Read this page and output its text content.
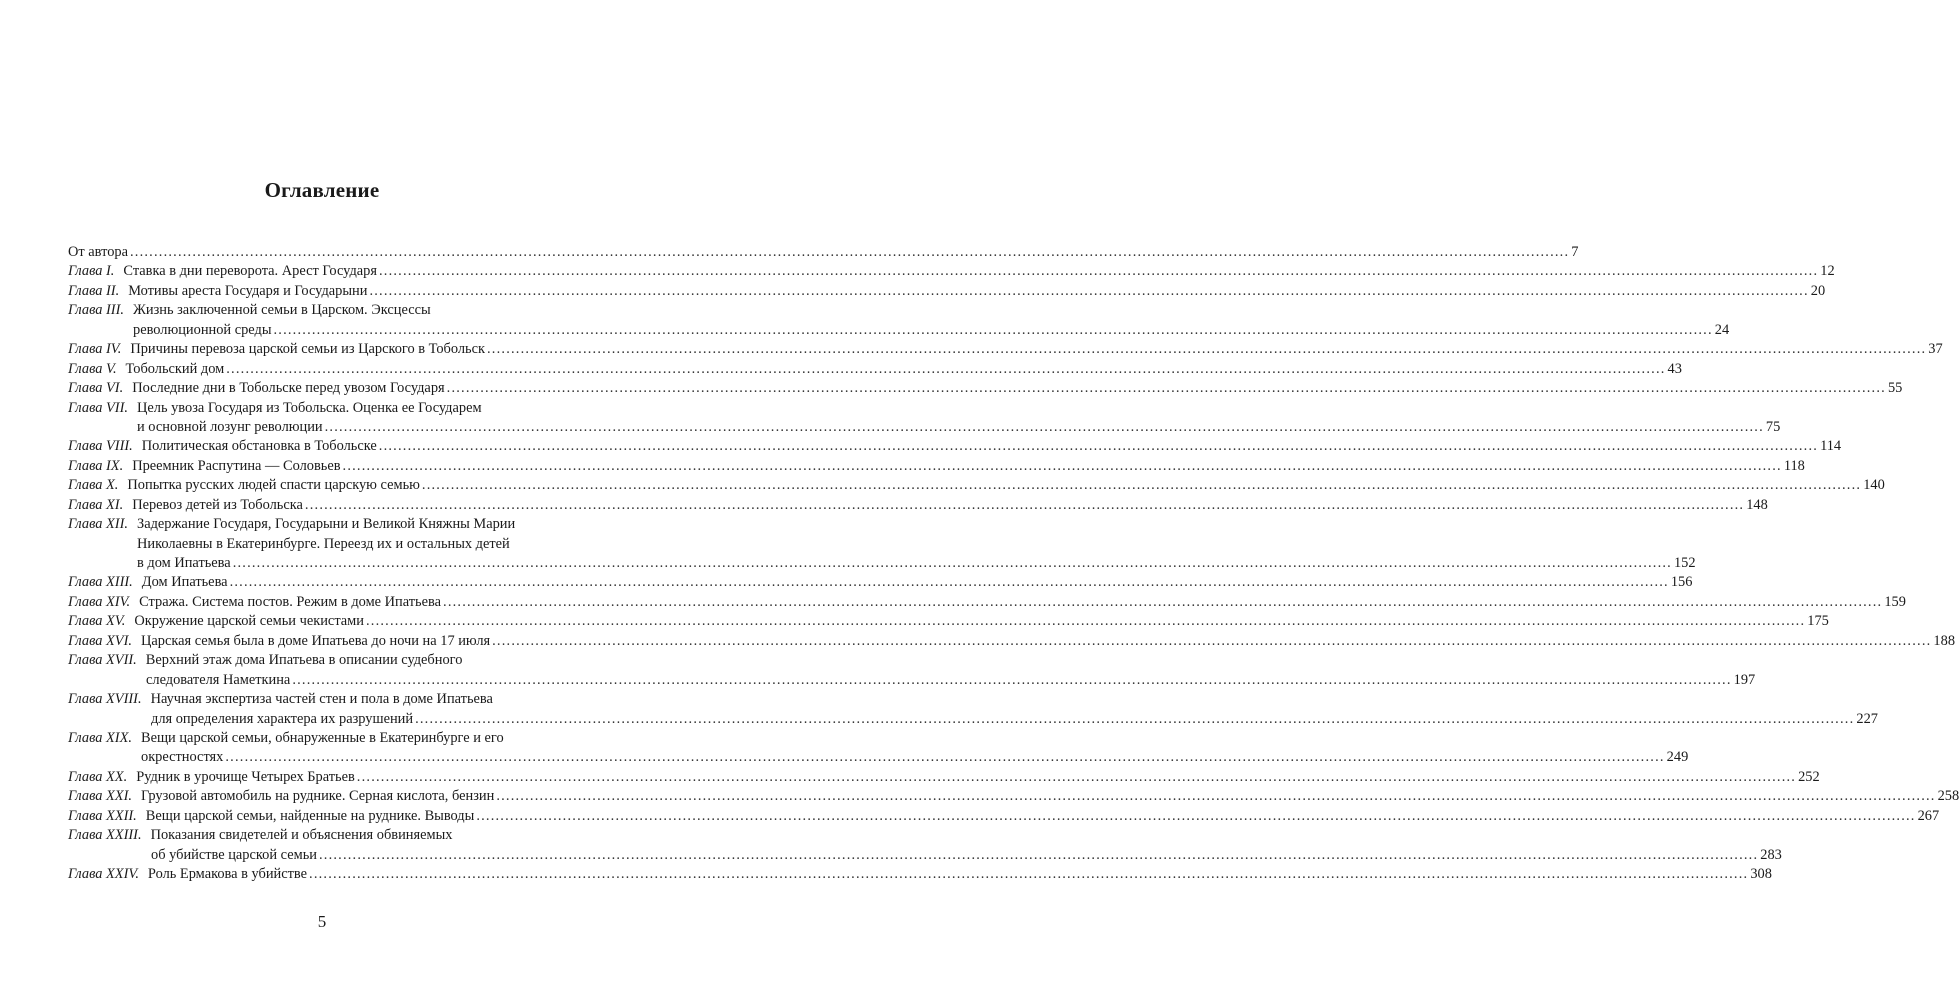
Оглавление
От автора ............................................................................................................................................................................................................................................................................................................ 7
Глава I. Ставка в дни переворота. Арест Государя ............................................................................................................................................................................................................................................................................................................ 12
Глава II. Мотивы ареста Государя и Государыни ............................................................................................................................................................................................................................................................................................................ 20
Глава III. Жизнь заключенной семьи в Царском. Эксцессы
революционной среды ............................................................................................................................................................................................................................................................................................................ 24
Глава IV. Причины перевоза царской семьи из Царского в Тобольск ............................................................................................................................................................................................................................................................................................................ 37
Глава V. Тобольский дом ............................................................................................................................................................................................................................................................................................................ 43
Глава VI. Последние дни в Тобольске перед увозом Государя ............................................................................................................................................................................................................................................................................................................ 55
Глава VII. Цель увоза Государя из Тобольска. Оценка ее Государем
и основной лозунг революции ............................................................................................................................................................................................................................................................................................................ 75
Глава VIII. Политическая обстановка в Тобольске ............................................................................................................................................................................................................................................................................................................ 114
Глава IX. Преемник Распутина — Соловьев ............................................................................................................................................................................................................................................................................................................ 118
Глава X. Попытка русских людей спасти царскую семью ............................................................................................................................................................................................................................................................................................................ 140
Глава XI. Перевоз детей из Тобольска ............................................................................................................................................................................................................................................................................................................ 148
Глава XII. Задержание Государя, Государыни и Великой Княжны Марии
Николаевны в Екатеринбурге. Переезд их и остальных детей
в дом Ипатьева ............................................................................................................................................................................................................................................................................................................ 152
Глава XIII. Дом Ипатьева ............................................................................................................................................................................................................................................................................................................ 156
Глава XIV. Стража. Система постов. Режим в доме Ипатьева ............................................................................................................................................................................................................................................................................................................ 159
Глава XV. Окружение царской семьи чекистами ............................................................................................................................................................................................................................................................................................................ 175
Глава XVI. Царская семья была в доме Ипатьева до ночи на 17 июля ............................................................................................................................................................................................................................................................................................................ 188
Глава XVII. Верхний этаж дома Ипатьева в описании судебного
следователя Наметкина ............................................................................................................................................................................................................................................................................................................ 197
Глава XVIII. Научная экспертиза частей стен и пола в доме Ипатьева
для определения характера их разрушений ............................................................................................................................................................................................................................................................................................................ 227
Глава XIX. Вещи царской семьи, обнаруженные в Екатеринбурге и его
окрестностях ............................................................................................................................................................................................................................................................................................................ 249
Глава XX. Рудник в урочище Четырех Братьев ............................................................................................................................................................................................................................................................................................................ 252
Глава XXI. Грузовой автомобиль на руднике. Серная кислота, бензин ............................................................................................................................................................................................................................................................................................................ 258
Глава XXII. Вещи царской семьи, найденные на руднике. Выводы ............................................................................................................................................................................................................................................................................................................ 267
Глава XXIII. Показания свидетелей и объяснения обвиняемых
об убийстве царской семьи ............................................................................................................................................................................................................................................................................................................ 283
Глава XXIV. Роль Ермакова в убийстве ............................................................................................................................................................................................................................................................................................................ 308
5
